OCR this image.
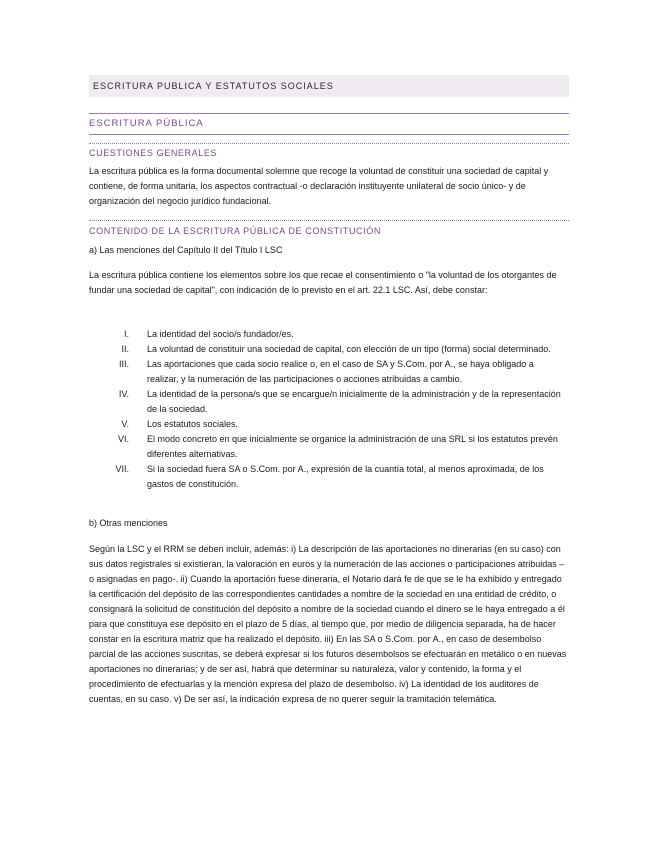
ESCRITURA PUBLICA Y ESTATUTOS SOCIALES
ESCRITURA PÚBLICA
CUESTIONES GENERALES

La escritura pública es la forma documental solemne que recoge la voluntad de constituir una sociedad de capital y contiene, de forma unitaria, los aspectos contractual -o declaración instituyente unilateral de socio único- y de organización del negocio jurídico fundacional.

CONTENIDO DE LA ESCRITURA PÚBLICA DE CONSTITUCIÓN
a) Las menciones del Capítulo II del Título I LSC

La escritura pública contiene los elementos sobre los que recae el consentimiento o "la voluntad de los otorgantes de fundar una sociedad de capital", con indicación de lo previsto en el art. 22.1 LSC. Así, debe constar:

I. La identidad del socio/s fundador/es.
II. La voluntad de constituir una sociedad de capital, con elección de un tipo (forma) social determinado.
III. Las aportaciones que cada socio realice o, en el caso de SA y S.Com. por A., se haya obligado a realizar, y la numeración de las participaciones o acciones atribuidas a cambio.
IV. La identidad de la persona/s que se encargue/n inicialmente de la administración y de la representación de la sociedad.
V. Los estatutos sociales.
VI. El modo concreto en que inicialmente se organice la administración de una SRL si los estatutos prevén diferentes alternativas.
VII. Si la sociedad fuera SA o S.Com. por A., expresión de la cuantía total, al menos aproximada, de los gastos de constitución.
b) Otras menciones

Según la LSC y el RRM se deben incluir, además: i) La descripción de las aportaciones no dinerarias (en su caso) con sus datos registrales si existieran, la valoración en euros y la numeración de las acciones o participaciones atribuidas –o asignadas en pago-. ii) Cuando la aportación fuese dineraria, el Notario dará fe de que se le ha exhibido y entregado la certificación del depósito de las correspondientes cantidades a nombre de la sociedad en una entidad de crédito, o consignará la solicitud de constitución del depósito a nombre de la sociedad cuando el dinero se le haya entregado a él para que constituya ese depósito en el plazo de 5 días, al tiempo que, por medio de diligencia separada, ha de hacer constar en la escritura matriz que ha realizado el depósito. iii) En las SA o S.Com. por A., en caso de desembolso parcial de las acciones suscritas, se deberá expresar si los futuros desembolsos se efectuarán en metálico o en nuevas aportaciones no dinerarias; y de ser así, habrá que determinar su naturaleza, valor y contenido, la forma y el procedimiento de efectuarlas y la mención expresa del plazo de desembolso. iv) La identidad de los auditores de cuentas, en su caso. v) De ser así, la indicación expresa de no querer seguir la tramitación telemática.
